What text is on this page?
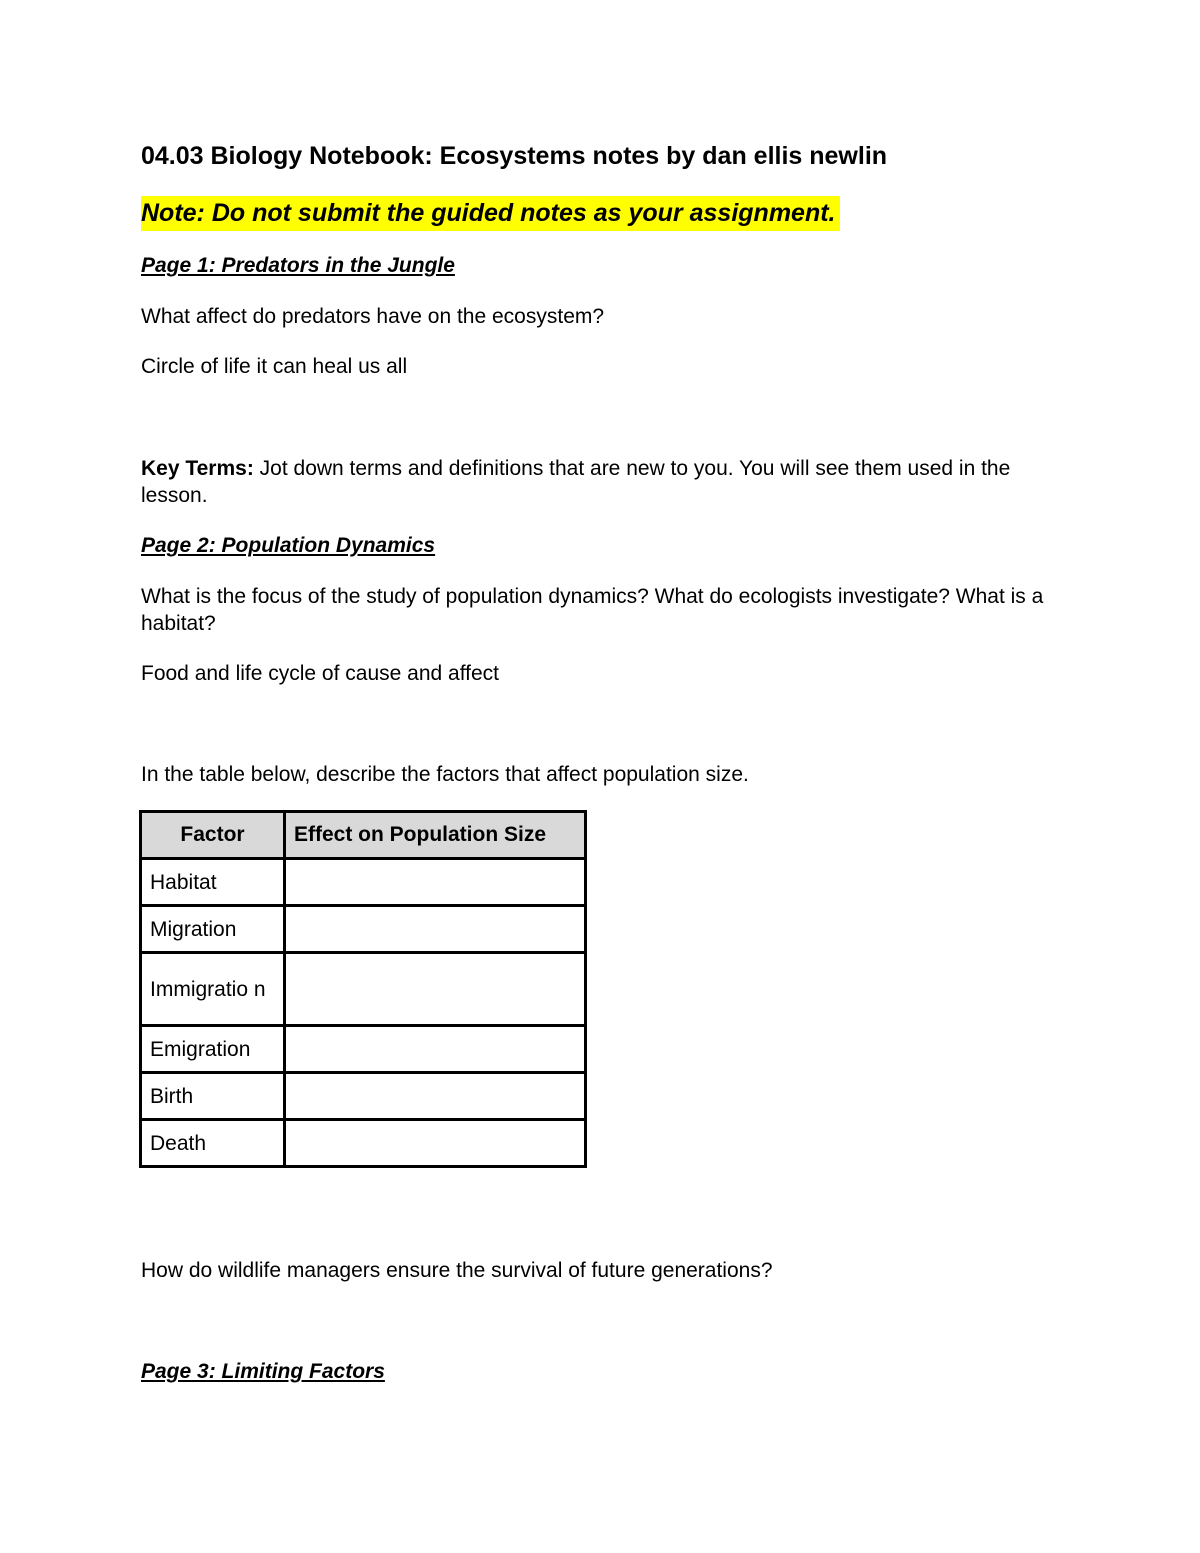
04.03 Biology Notebook: Ecosystems notes by dan ellis newlin
Note: Do not submit the guided notes as your assignment.
Page 1: Predators in the Jungle
What affect do predators have on the ecosystem?
Circle of life it can heal us all
Key Terms: Jot down terms and definitions that are new to you. You will see them used in the lesson.
Page 2: Population Dynamics
What is the focus of the study of population dynamics? What do ecologists investigate? What is a habitat?
Food and life cycle of cause and affect
In the table below, describe the factors that affect population size.
Factor	Effect on Population Size
Habitat	
Migration	
Immigratio n	
Emigration	
Birth	
Death	
How do wildlife managers ensure the survival of future generations?
Page 3: Limiting Factors
